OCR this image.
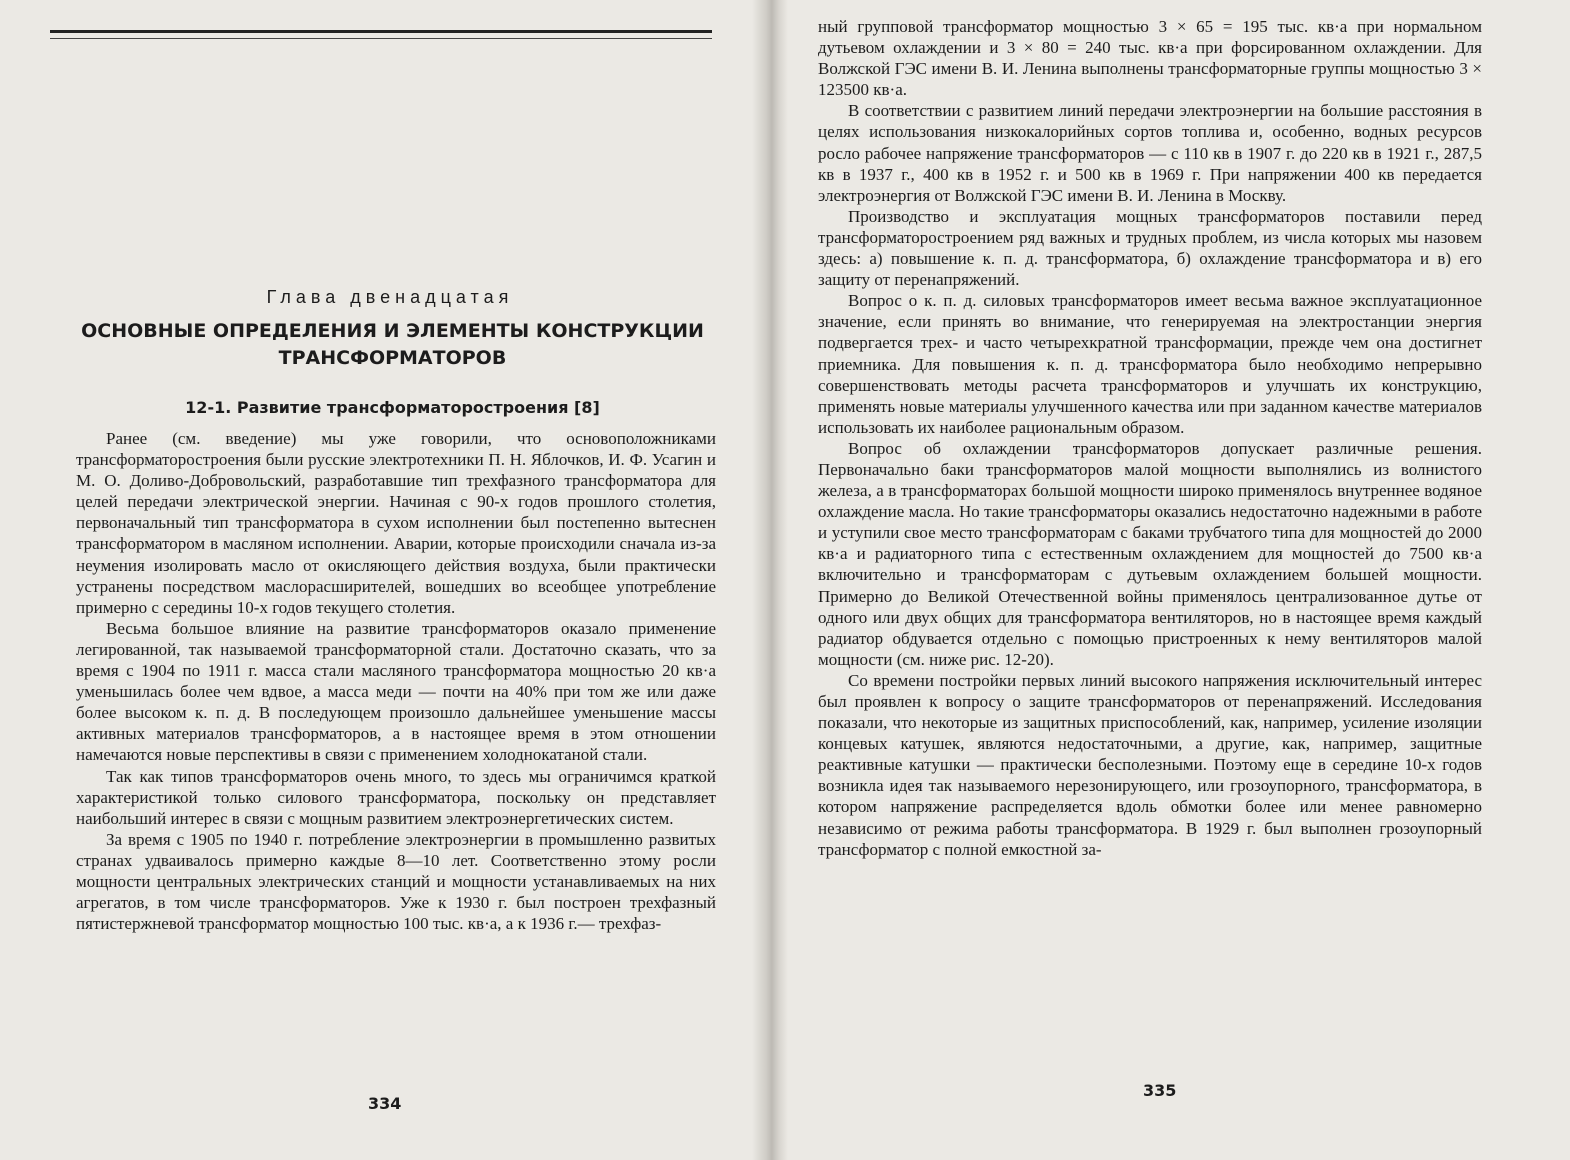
Глава двенадцатая
ОСНОВНЫЕ ОПРЕДЕЛЕНИЯ И ЭЛЕМЕНТЫ КОНСТРУКЦИИ
ТРАНСФОРМАТОРОВ
12-1. Развитие трансформаторостроения [8]

Ранее (см. введение) мы уже говорили, что основоположниками трансформаторостроения были русские электротехники П. Н. Яблочков, И. Ф. Усагин и М. О. Доливо-Добровольский, разработавшие тип трехфазного трансформатора для целей передачи электрической энергии. Начиная с 90-х годов прошлого столетия, первоначальный тип трансформатора в сухом исполнении был постепенно вытеснен трансформатором в масляном исполнении. Аварии, которые происходили сначала из-за неумения изолировать масло от окисляющего действия воздуха, были практически устранены посредством маслорасширителей, вошедших во всеобщее употребление примерно с середины 10-х годов текущего столетия.

Весьма большое влияние на развитие трансформаторов оказало применение легированной, так называемой трансформаторной стали. Достаточно сказать, что за время с 1904 по 1911 г. масса стали масляного трансформатора мощностью 20 кв·а уменьшилась более чем вдвое, а масса меди — почти на 40% при том же или даже более высоком к. п. д. В последующем произошло дальнейшее уменьшение массы активных материалов трансформаторов, а в настоящее время в этом отношении намечаются новые перспективы в связи с применением холоднокатаной стали.

Так как типов трансформаторов очень много, то здесь мы ограничимся краткой характеристикой только силового трансформатора, поскольку он представляет наибольший интерес в связи с мощным развитием электроэнергетических систем.

За время с 1905 по 1940 г. потребление электроэнергии в промышленно развитых странах удваивалось примерно каждые 8—10 лет. Соответственно этому росли мощности центральных электрических станций и мощности устанавливаемых на них агрегатов, в том числе трансформаторов. Уже к 1930 г. был построен трехфазный пятистержневой трансформатор мощностью 100 тыс. кв·а, а к 1936 г.— трехфаз-

334

ный групповой трансформатор мощностью 3 × 65 = 195 тыс. кв·а при нормальном дутьевом охлаждении и 3 × 80 = 240 тыс. кв·а при форсированном охлаждении. Для Волжской ГЭС имени В. И. Ленина выполнены трансформаторные группы мощностью 3 × 123500 кв·а.

В соответствии с развитием линий передачи электроэнергии на большие расстояния в целях использования низкокалорийных сортов топлива и, особенно, водных ресурсов росло рабочее напряжение трансформаторов — с 110 кв в 1907 г. до 220 кв в 1921 г., 287,5 кв в 1937 г., 400 кв в 1952 г. и 500 кв в 1969 г. При напряжении 400 кв передается электроэнергия от Волжской ГЭС имени В. И. Ленина в Москву.

Производство и эксплуатация мощных трансформаторов поставили перед трансформаторостроением ряд важных и трудных проблем, из числа которых мы назовем здесь: а) повышение к. п. д. трансформатора, б) охлаждение трансформатора и в) его защиту от перенапряжений.

Вопрос о к. п. д. силовых трансформаторов имеет весьма важное эксплуатационное значение, если принять во внимание, что генерируемая на электростанции энергия подвергается трех- и часто четырехкратной трансформации, прежде чем она достигнет приемника. Для повышения к. п. д. трансформатора было необходимо непрерывно совершенствовать методы расчета трансформаторов и улучшать их конструкцию, применять новые материалы улучшенного качества или при заданном качестве материалов использовать их наиболее рациональным образом.

Вопрос об охлаждении трансформаторов допускает различные решения. Первоначально баки трансформаторов малой мощности выполнялись из волнистого железа, а в трансформаторах большой мощности широко применялось внутреннее водяное охлаждение масла. Но такие трансформаторы оказались недостаточно надежными в работе и уступили свое место трансформаторам с баками трубчатого типа для мощностей до 2000 кв·а и радиаторного типа с естественным охлаждением для мощностей до 7500 кв·а включительно и трансформаторам с дутьевым охлаждением большей мощности. Примерно до Великой Отечественной войны применялось централизованное дутье от одного или двух общих для трансформатора вентиляторов, но в настоящее время каждый радиатор обдувается отдельно с помощью пристроенных к нему вентиляторов малой мощности (см. ниже рис. 12-20).

Со времени постройки первых линий высокого напряжения исключительный интерес был проявлен к вопросу о защите трансформаторов от перенапряжений. Исследования показали, что некоторые из защитных приспособлений, как, например, усиление изоляции концевых катушек, являются недостаточными, а другие, как, например, защитные реактивные катушки — практически бесполезными. Поэтому еще в середине 10-х годов возникла идея так называемого нерезонирующего, или грозоупорного, трансформатора, в котором напряжение распределяется вдоль обмотки более или менее равномерно независимо от режима работы трансформатора. В 1929 г. был выполнен грозоупорный трансформатор с полной емкостной за-

335
